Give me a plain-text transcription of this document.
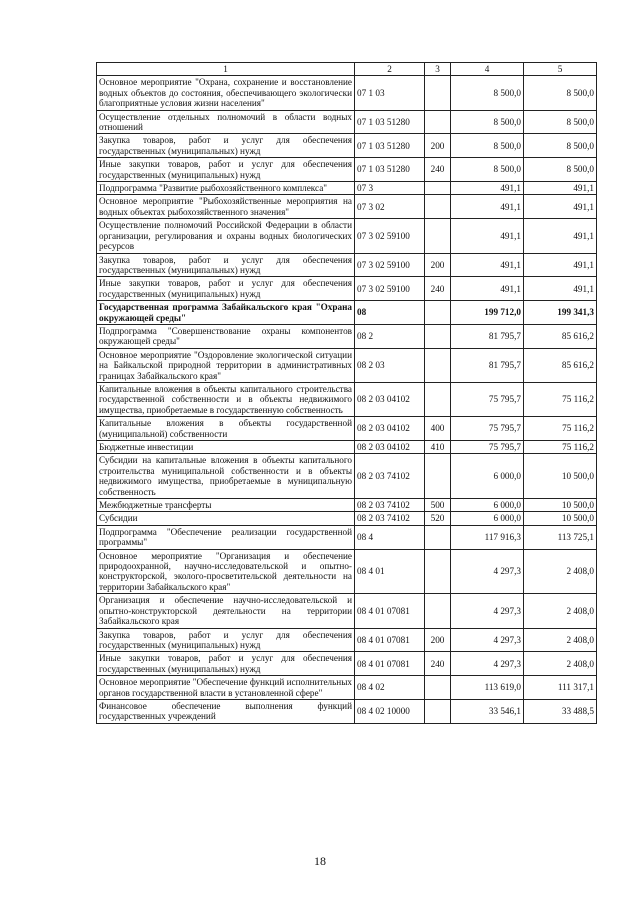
1	2	3	4	5
Основное мероприятие "Охрана, сохранение и восстановление водных объектов до состояния, обеспечивающего экологически благоприятные условия жизни населения"	07 1 03		8 500,0	8 500,0
Осуществление отдельных полномочий в области водных отношений	07 1 03 51280		8 500,0	8 500,0
Закупка товаров, работ и услуг для обеспечения государственных (муниципальных) нужд	07 1 03 51280	200	8 500,0	8 500,0
Иные закупки товаров, работ и услуг для обеспечения государственных (муниципальных) нужд	07 1 03 51280	240	8 500,0	8 500,0
Подпрограмма "Развитие рыбохозяйственного комплекса"	07 3		491,1	491,1
Основное мероприятие "Рыбохозяйственные мероприятия на водных объектах рыбохозяйственного значения"	07 3 02		491,1	491,1
Осуществление полномочий Российской Федерации в области организации, регулирования и охраны водных биологических ресурсов	07 3 02 59100		491,1	491,1
Закупка товаров, работ и услуг для обеспечения государственных (муниципальных) нужд	07 3 02 59100	200	491,1	491,1
Иные закупки товаров, работ и услуг для обеспечения государственных (муниципальных) нужд	07 3 02 59100	240	491,1	491,1
Государственная программа Забайкальского края "Охрана окружающей среды"	08		199 712,0	199 341,3
Подпрограмма "Совершенствование охраны компонентов окружающей среды"	08 2		81 795,7	85 616,2
Основное мероприятие "Оздоровление экологической ситуации на Байкальской природной территории в административных границах Забайкальского края"	08 2 03		81 795,7	85 616,2
Капитальные вложения в объекты капитального строительства государственной собственности и в объекты недвижимого имущества, приобретаемые в государственную собственность	08 2 03 04102		75 795,7	75 116,2
Капитальные вложения в объекты государственной (муниципальной) собственности	08 2 03 04102	400	75 795,7	75 116,2
Бюджетные инвестиции	08 2 03 04102	410	75 795,7	75 116,2
Субсидии на капитальные вложения в объекты капитального строительства муниципальной собственности и в объекты недвижимого имущества, приобретаемые в муниципальную собственность	08 2 03 74102		6 000,0	10 500,0
Межбюджетные трансферты	08 2 03 74102	500	6 000,0	10 500,0
Субсидии	08 2 03 74102	520	6 000,0	10 500,0
Подпрограмма "Обеспечение реализации государственной программы"	08 4		117 916,3	113 725,1
Основное мероприятие "Организация и обеспечение природоохранной, научно-исследовательской и опытно- конструкторской, эколого-просветительской деятельности на территории Забайкальского края"	08 4 01		4 297,3	2 408,0
Организация и обеспечение научно-исследовательской и опытно-конструкторской деятельности на территории Забайкальского края	08 4 01 07081		4 297,3	2 408,0
Закупка товаров, работ и услуг для обеспечения государственных (муниципальных) нужд	08 4 01 07081	200	4 297,3	2 408,0
Иные закупки товаров, работ и услуг для обеспечения государственных (муниципальных) нужд	08 4 01 07081	240	4 297,3	2 408,0
Основное мероприятие "Обеспечение функций исполнительных органов государственной власти в установленной сфере"	08 4 02		113 619,0	111 317,1
Финансовое обеспечение выполнения функций государственных учреждений	08 4 02 10000		33 546,1	33 488,5
18
